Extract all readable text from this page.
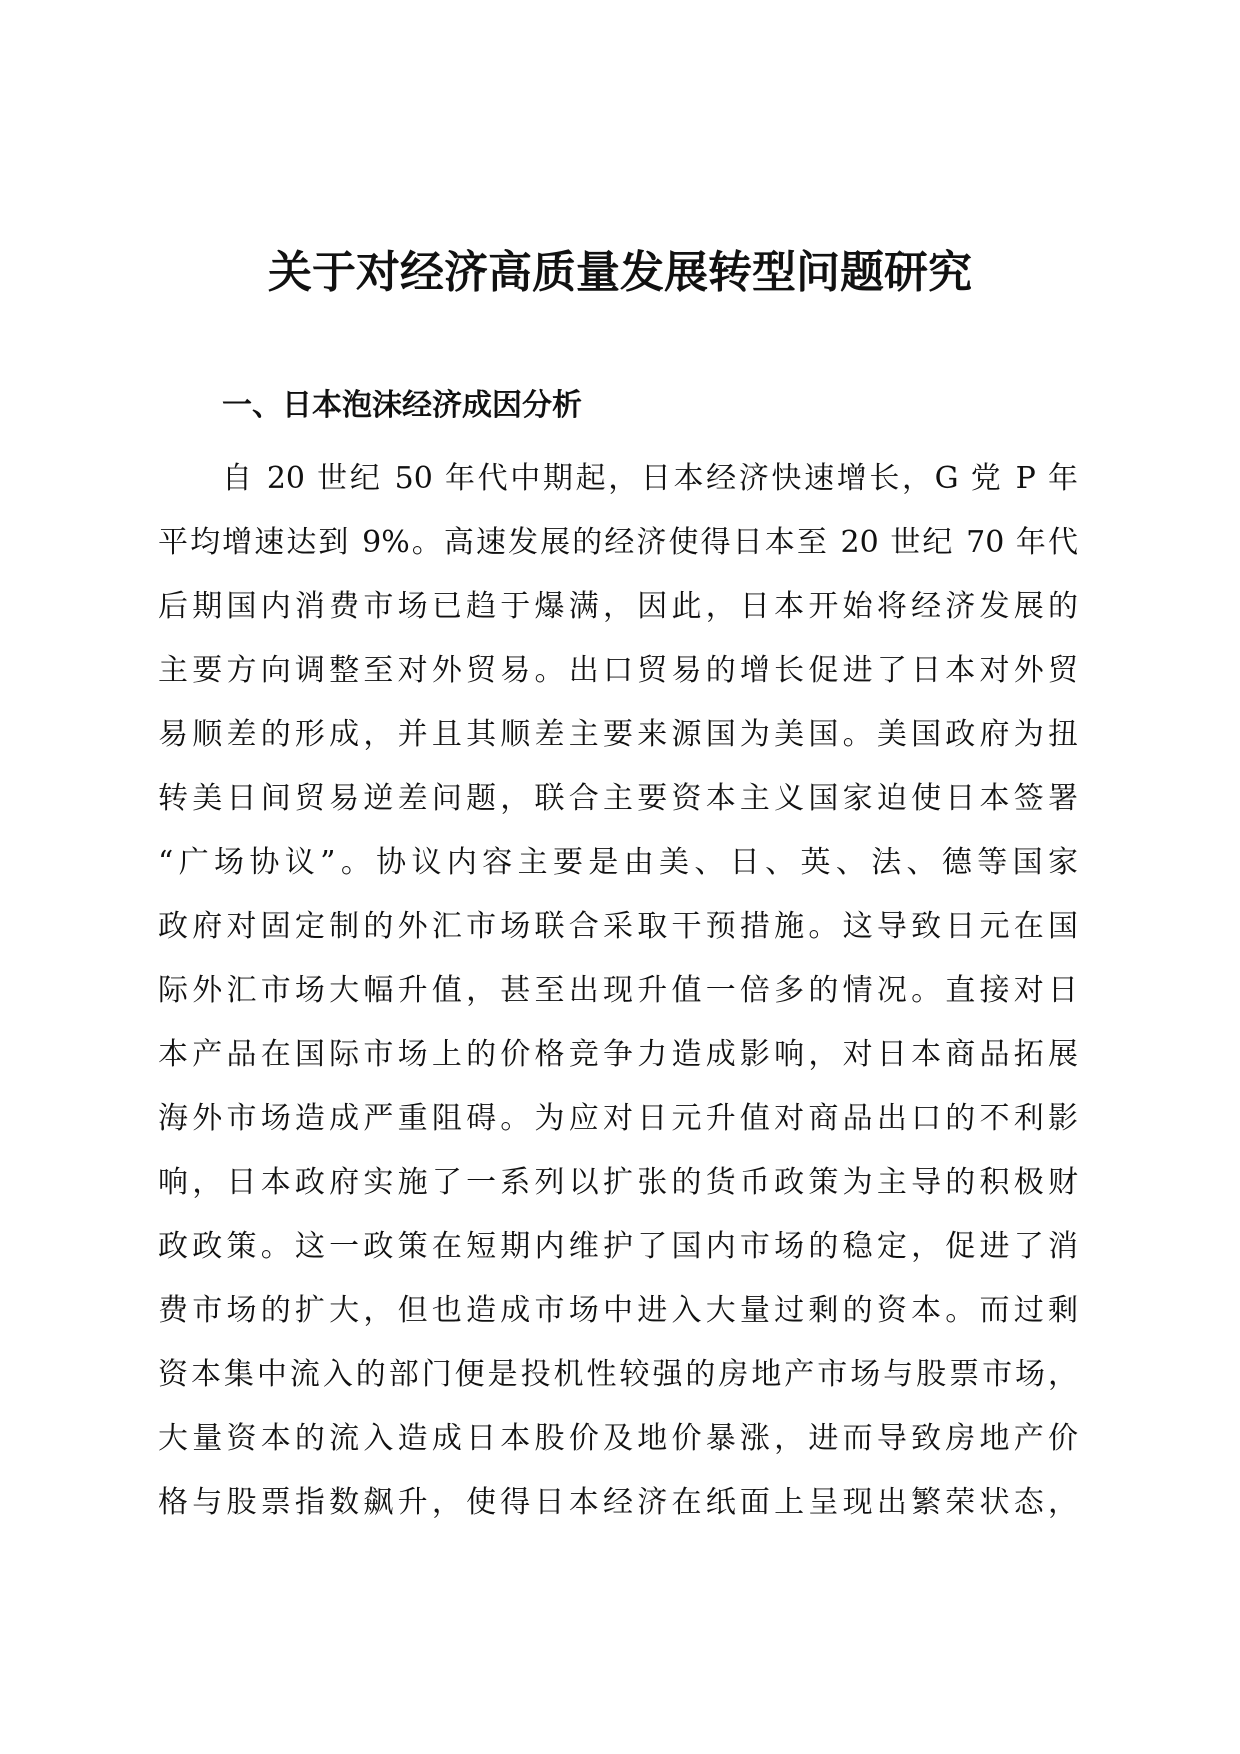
关于对经济高质量发展转型问题研究
一、日本泡沫经济成因分析
自 20 世纪 50 年代中期起，日本经济快速增长，G 党 P 年
平均增速达到 9%。高速发展的经济使得日本至 20 世纪 70 年代
后期国内消费市场已趋于爆满，因此，日本开始将经济发展的
主要方向调整至对外贸易。出口贸易的增长促进了日本对外贸
易顺差的形成，并且其顺差主要来源国为美国。美国政府为扭
转美日间贸易逆差问题，联合主要资本主义国家迫使日本签署
“广场协议”。协议内容主要是由美、日、英、法、德等国家
政府对固定制的外汇市场联合采取干预措施。这导致日元在国
际外汇市场大幅升值，甚至出现升值一倍多的情况。直接对日
本产品在国际市场上的价格竞争力造成影响，对日本商品拓展
海外市场造成严重阻碍。为应对日元升值对商品出口的不利影
响，日本政府实施了一系列以扩张的货币政策为主导的积极财
政政策。这一政策在短期内维护了国内市场的稳定，促进了消
费市场的扩大，但也造成市场中进入大量过剩的资本。而过剩
资本集中流入的部门便是投机性较强的房地产市场与股票市场，
大量资本的流入造成日本股价及地价暴涨，进而导致房地产价
格与股票指数飙升，使得日本经济在纸面上呈现出繁荣状态，
